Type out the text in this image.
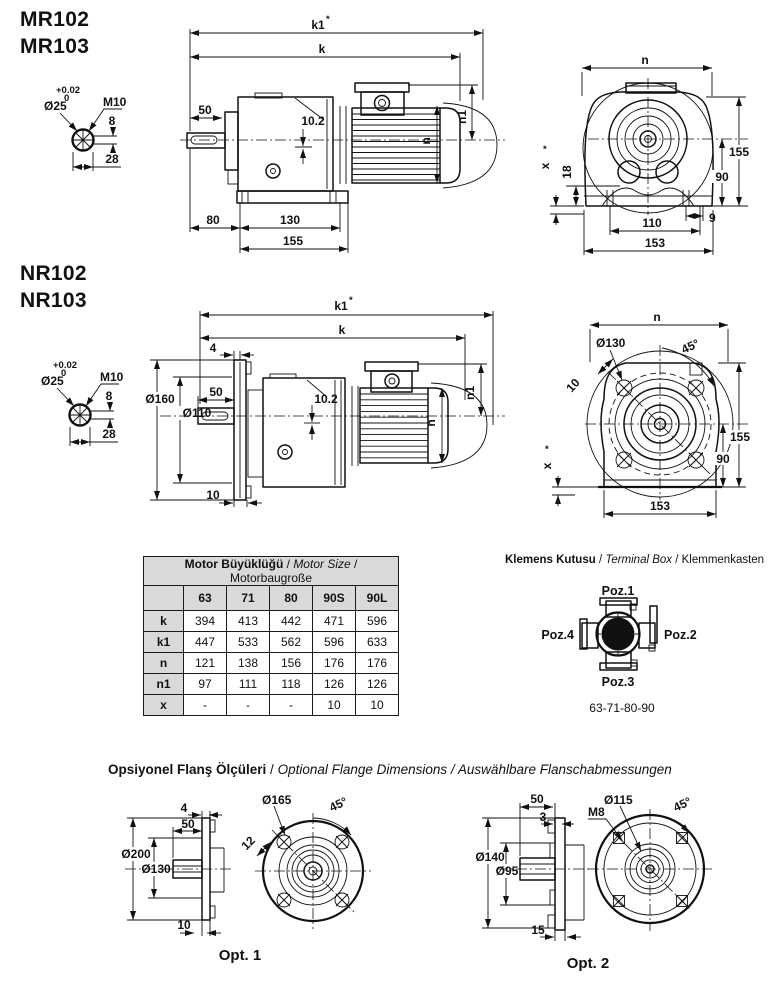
MR102
MR103
NR102
NR103
+0.02
0
Ø25	M10
8
28
k1 *
k
50
10.2	n1
n
80	130
155
n
x
*
18
155
90
9
110
153
+0.02
0
Ø25	M10
8
28
k1 *
k
4
50
Ø160
Ø110
10.2	n1
n
10
n
Ø130	45°
10
x
*
155
90
153
Poz.1
Poz.2
Poz.3
Poz.4
63-71-80-90
Ø200
Ø130
4
50
10
Ø165	45°
12
Opt. 1
Ø140
Ø95
50
3
15
Ø115
M8	45°
Opt. 2
Motor Büyüklüğü / Motor Size / Motorbaugroße					
	63	71	80	90S	90L
k	394	413	442	471	596
k1	447	533	562	596	633
n	121	138	156	176	176
n1	97	111	118	126	126
x	-	-	-	10	10
Klemens Kutusu / Terminal Box / Klemmenkasten
Opsiyonel Flanş Ölçüleri / Optional Flange Dimensions / Auswählbare Flanschabmessungen
